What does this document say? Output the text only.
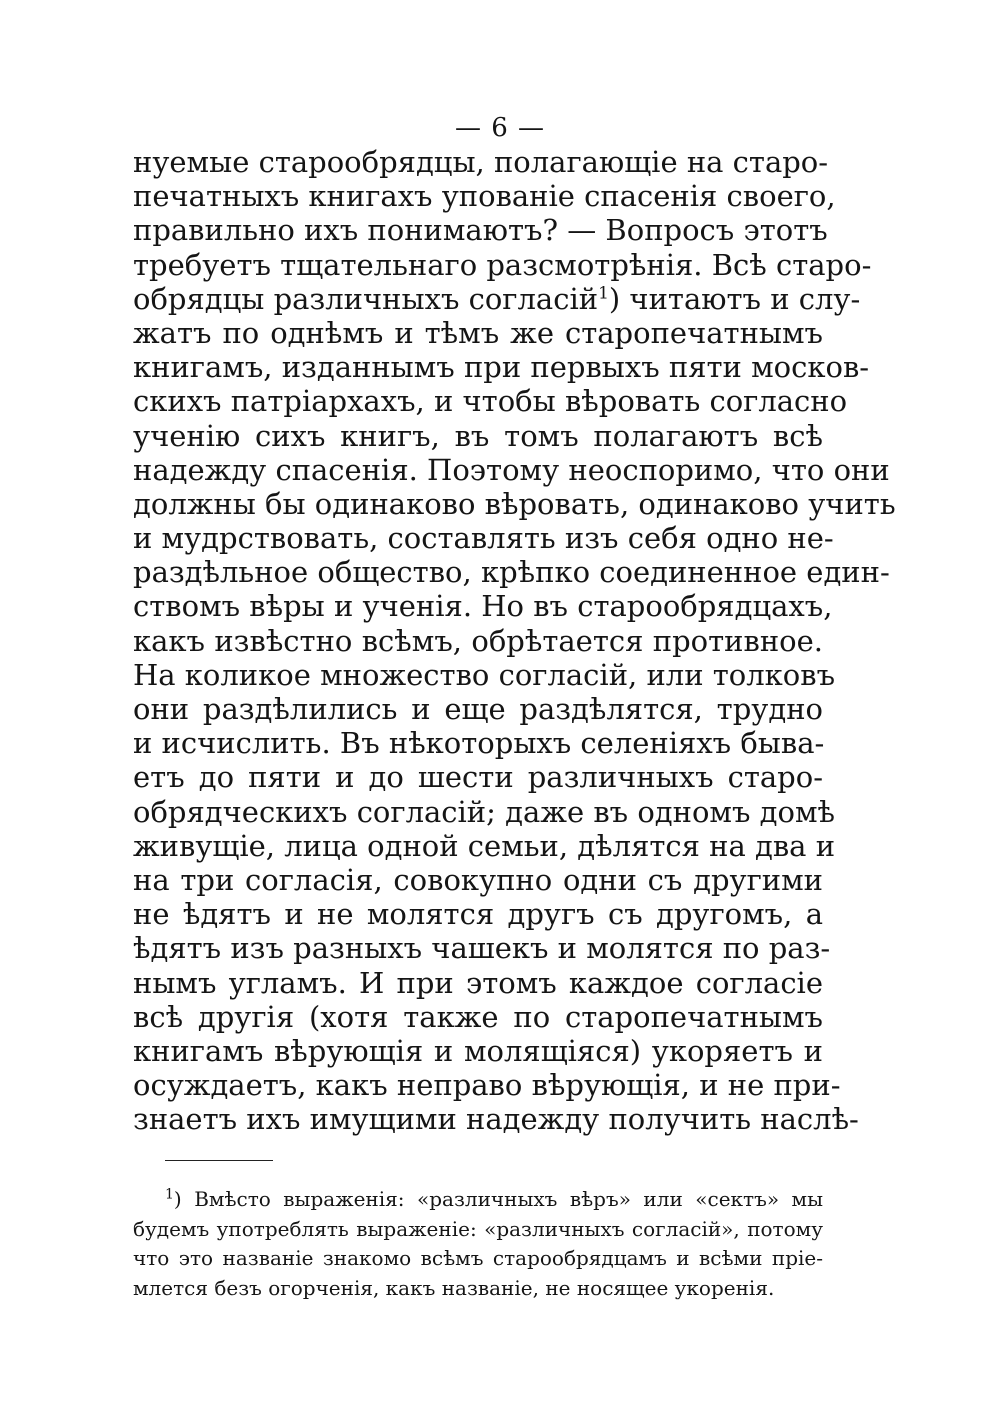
— 6 —
нуемые старообрядцы, полагающіе на старо-
печатныхъ книгахъ упованіе спасенія своего,
правильно ихъ понимаютъ? — Вопросъ этотъ
требуетъ тщательнаго разсмотрѣнія. Всѣ старо-
обрядцы различныхъ согласій$^1$) читаютъ и слу-
жатъ по однѣмъ и тѣмъ же старопечатнымъ
книгамъ, изданнымъ при первыхъ пяти москов-
скихъ патріархахъ, и чтобы вѣровать согласно
ученію сихъ книгъ, въ томъ полагаютъ всѣ
надежду спасенія. Поэтому неоспоримо, что они
должны бы одинаково вѣровать, одинаково учить
и мудрствовать, составлять изъ себя одно не-
раздѣльное общество, крѣпко соединенное един-
ствомъ вѣры и ученія. Но въ старообрядцахъ,
какъ извѣстно всѣмъ, обрѣтается противное.
На коликое множество согласій, или толковъ
они раздѣлились и еще раздѣлятся, трудно
и исчислить. Въ нѣкоторыхъ селеніяхъ быва-
етъ до пяти и до шести различныхъ старо-
обрядческихъ согласій; даже въ одномъ домѣ
живущіе, лица одной семьи, дѣлятся на два и
на три согласія, совокупно одни съ другими
не ѣдятъ и не молятся другъ съ другомъ, а
ѣдятъ изъ разныхъ чашекъ и молятся по раз-
нымъ угламъ. И при этомъ каждое согласіе
всѣ другія (хотя также по старопечатнымъ
книгамъ вѣрующія и молящіяся) укоряетъ и
осуждаетъ, какъ неправо вѣрующія, и не при-
знаетъ ихъ имущими надежду получить наслѣ-
$^1$) Вмѣсто выраженія: «различныхъ вѣръ» или «сектъ» мы
будемъ употреблять выраженіе: «различныхъ согласій», потому
что это названіе знакомо всѣмъ старообрядцамъ и всѣми пріе-
млется безъ огорченія, какъ названіе, не носящее укоренія.
